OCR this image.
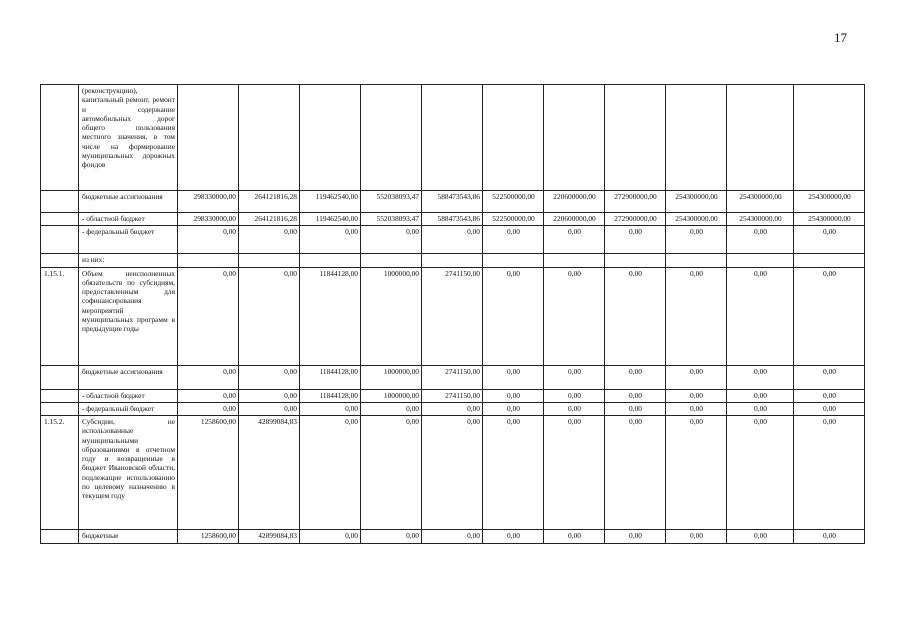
17
	(реконструкцию), капитальный ремонт, ремонт и содержание автомобильных дорог общего пользования местного значения, в том числе на формирование муниципальных дорожных фондов											
	бюджетные ассигнования	298330000,00	264121816,28	119462540,00	552038093,47	588473543,86	522500000,00	220600000,00	272900000,00	254300000,00	254300000,00	254300000,00
	- областной бюджет	298330000,00	264121816,28	119462540,00	552038093,47	588473543,86	522500000,00	220600000,00	272900000,00	254300000,00	254300000,00	254300000,00
	- федеральный бюджет	0,00	0,00	0,00	0,00	0,00	0,00	0,00	0,00	0,00	0,00	0,00
	из них:											
1.15.1.	Объем неисполненных обязательств по субсидиям, предоставленным для софинансирования мероприятий муниципальных программ в предыдущие годы	0,00	0,00	11844128,00	1000000,00	2741150,00	0,00	0,00	0,00	0,00	0,00	0,00
	бюджетные ассигнования	0,00	0,00	11844128,00	1000000,00	2741150,00	0,00	0,00	0,00	0,00	0,00	0,00
	- областной бюджет	0,00	0,00	11844128,00	1000000,00	2741150,00	0,00	0,00	0,00	0,00	0,00	0,00
	- федеральный бюджет	0,00	0,00	0,00	0,00	0,00	0,00	0,00	0,00	0,00	0,00	0,00
1.15.2.	Субсидии, не использованные муниципальными образованиями в отчетном году и возвращенные в бюджет Ивановской области, подлежащие использованию по целевому назначению в текущем году	1258600,00	42899084,83	0,00	0,00	0,00	0,00	0,00	0,00	0,00	0,00	0,00
	бюджетные	1258600,00	42899084,83	0,00	0,00	0,00	0,00	0,00	0,00	0,00	0,00	0,00
